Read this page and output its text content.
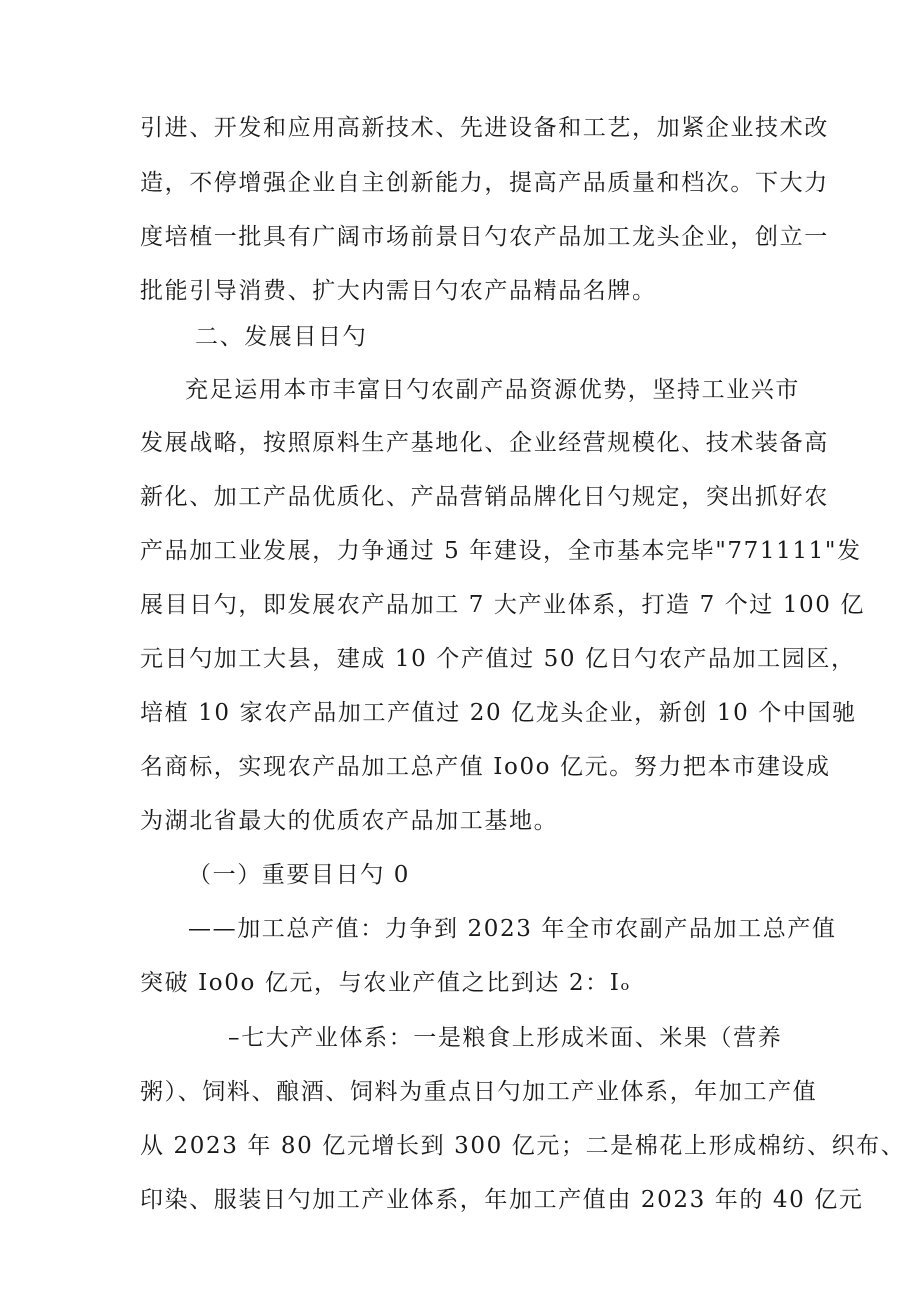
引进、开发和应用高新技术、先进设备和工艺，加紧企业技术改
造，不停增强企业自主创新能力，提高产品质量和档次。下大力
度培植一批具有广阔市场前景日勺农产品加工龙头企业，创立一
批能引导消费、扩大内需日勺农产品精品名牌。
二、发展目日勺
充足运用本市丰富日勺农副产品资源优势，坚持工业兴市
发展战略，按照原料生产基地化、企业经营规模化、技术装备高
新化、加工产品优质化、产品营销品牌化日勺规定，突出抓好农
产品加工业发展，力争通过 5 年建设，全市基本完毕"771111"发
展目日勺，即发展农产品加工 7 大产业体系，打造 7 个过 100 亿
元日勺加工大县，建成 10 个产值过 50 亿日勺农产品加工园区，
培植 10 家农产品加工产值过 20 亿龙头企业，新创 10 个中国驰
名商标，实现农产品加工总产值 Io0o 亿元。努力把本市建设成
为湖北省最大的优质农产品加工基地。
（一）重要目日勺 0
——加工总产值：力争到 2023 年全市农副产品加工总产值
突破 Io0o 亿元，与农业产值之比到达 2：Iₒ
–七大产业体系：一是粮食上形成米面、米果（营养
粥）、饲料、酿酒、饲料为重点日勺加工产业体系，年加工产值
从 2023 年 80 亿元增长到 300 亿元；二是棉花上形成棉纺、织布、
印染、服装日勺加工产业体系，年加工产值由 2023 年的 40 亿元
